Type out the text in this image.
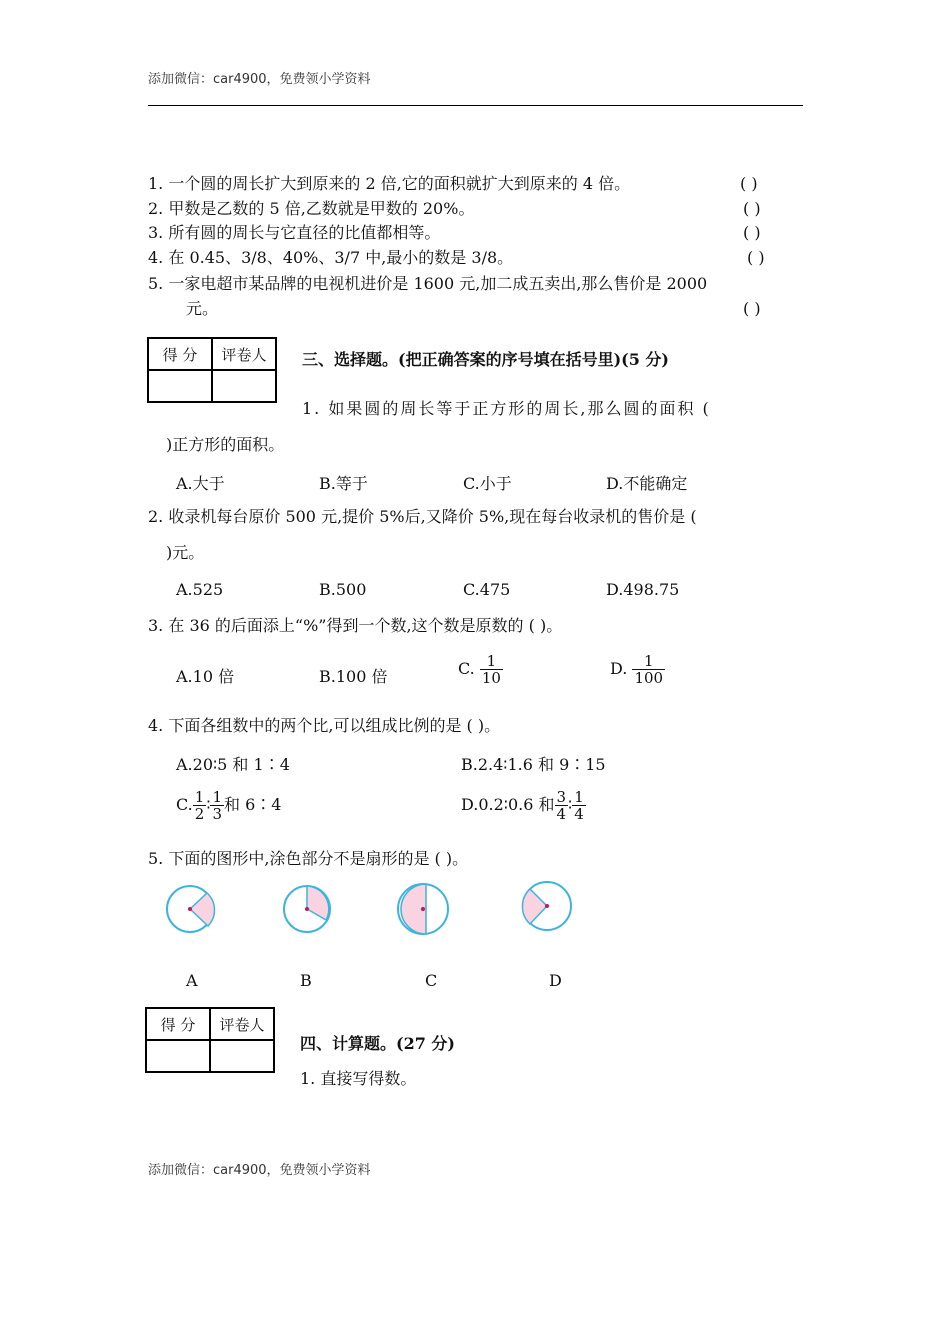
添加微信：car4900，免费领小学资料
1. 一个圆的周长扩大到原来的 2 倍,它的面积就扩大到原来的 4 倍。	( )
2. 甲数是乙数的 5 倍,乙数就是甲数的 20%。	( )
3. 所有圆的周长与它直径的比值都相等。	( )
4. 在 0.45、3/8、40%、3/7 中,最小的数是 3/8。	( )
5. 一家电超市某品牌的电视机进价是 1600 元,加二成五卖出,那么售价是 2000
元。	( )
得 分	评卷人
	三、选择题。(把正确答案的序号填在括号里)(5 分)
1. 如果圆的周长等于正方形的周长,那么圆的面积 (
)正方形的面积。
A.大于	B.等于	C.小于	D.不能确定
2. 收录机每台原价 500 元,提价 5%后,又降价 5%,现在每台收录机的售价是 (
)元。
A.525	B.500	C.475	D.498.75
3. 在 36 的后面添上“%”得到一个数,这个数是原数的 ( )。
A.10 倍	B.100 倍	C. $\frac{1}{10}$	D. $\frac{1}{100}$
4. 下面各组数中的两个比,可以组成比例的是 ( )。
A.20∶5 和 1∶4	B.2.4∶1.6 和 9∶15
C. $\frac{1}{2}$ ∶ $\frac{1}{3}$ 和 6∶4	D.0.2∶0.6 和 $\frac{3}{4}$ ∶ $\frac{1}{4}$
5. 下面的图形中,涂色部分不是扇形的是 ( )。
A	B	C	D
得 分	评卷人

四、计算题。(27 分)
1. 直接写得数。
添加微信：car4900，免费领小学资料
